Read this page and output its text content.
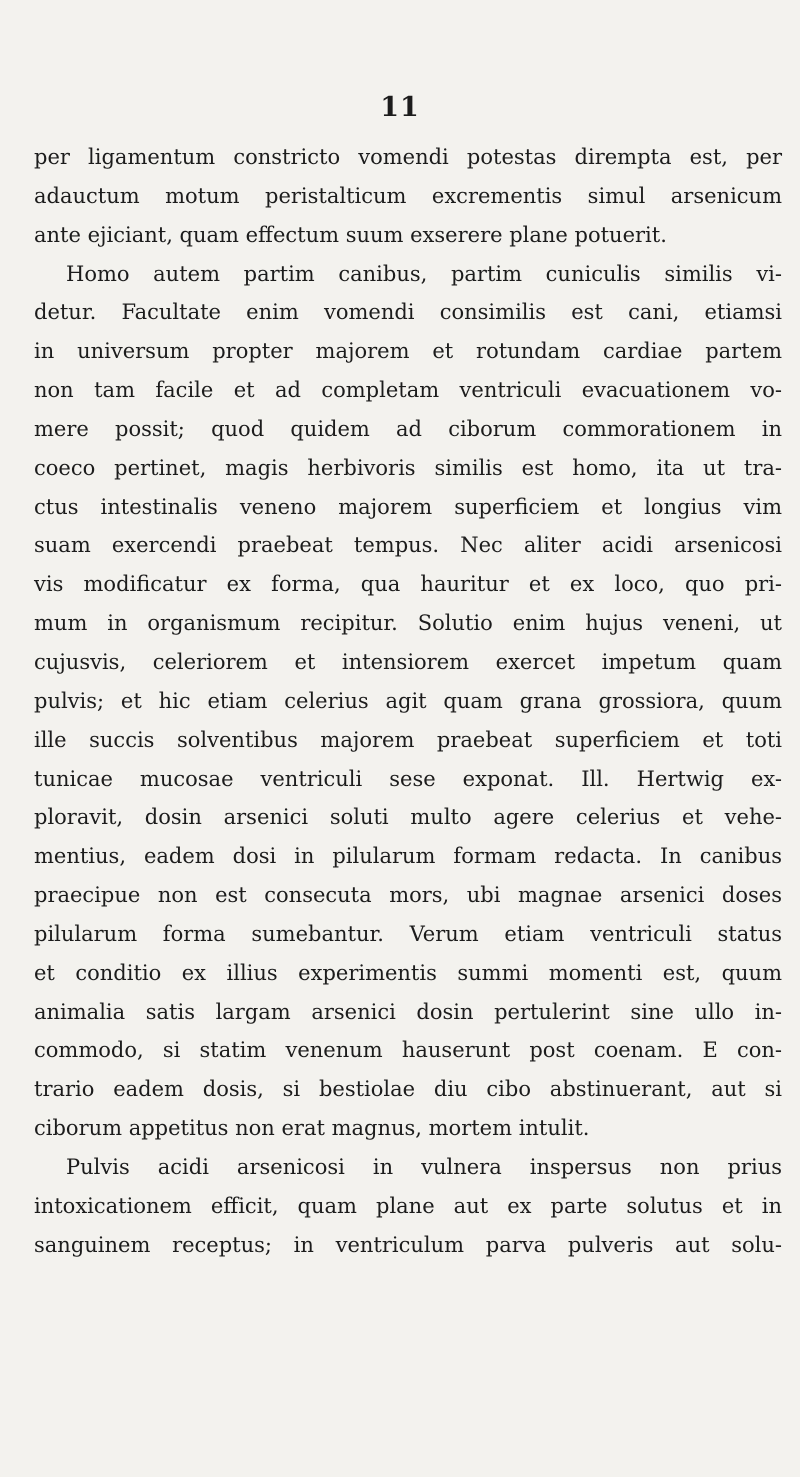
11
per ligamentum constricto vomendi potestas dirempta est, per
adauctum motum peristalticum excrementis simul arsenicum
ante ejiciant, quam effectum suum exserere plane potuerit.
Homo autem partim canibus, partim cuniculis similis vi-
detur. Facultate enim vomendi consimilis est cani, etiamsi
in universum propter majorem et rotundam cardiae partem
non tam facile et ad completam ventriculi evacuationem vo-
mere possit; quod quidem ad ciborum commorationem in
coeco pertinet, magis herbivoris similis est homo, ita ut tra-
ctus intestinalis veneno majorem superficiem et longius vim
suam exercendi praebeat tempus. Nec aliter acidi arsenicosi
vis modificatur ex forma, qua hauritur et ex loco, quo pri-
mum in organismum recipitur. Solutio enim hujus veneni, ut
cujusvis, celeriorem et intensiorem exercet impetum quam
pulvis; et hic etiam celerius agit quam grana grossiora, quum
ille succis solventibus majorem praebeat superficiem et toti
tunicae mucosae ventriculi sese exponat. Ill. Hertwig ex-
ploravit, dosin arsenici soluti multo agere celerius et vehe-
mentius, eadem dosi in pilularum formam redacta. In canibus
praecipue non est consecuta mors, ubi magnae arsenici doses
pilularum forma sumebantur. Verum etiam ventriculi status
et conditio ex illius experimentis summi momenti est, quum
animalia satis largam arsenici dosin pertulerint sine ullo in-
commodo, si statim venenum hauserunt post coenam. E con-
trario eadem dosis, si bestiolae diu cibo abstinuerant, aut si
ciborum appetitus non erat magnus, mortem intulit.
Pulvis acidi arsenicosi in vulnera inspersus non prius
intoxicationem efficit, quam plane aut ex parte solutus et in
sanguinem receptus; in ventriculum parva pulveris aut solu-
